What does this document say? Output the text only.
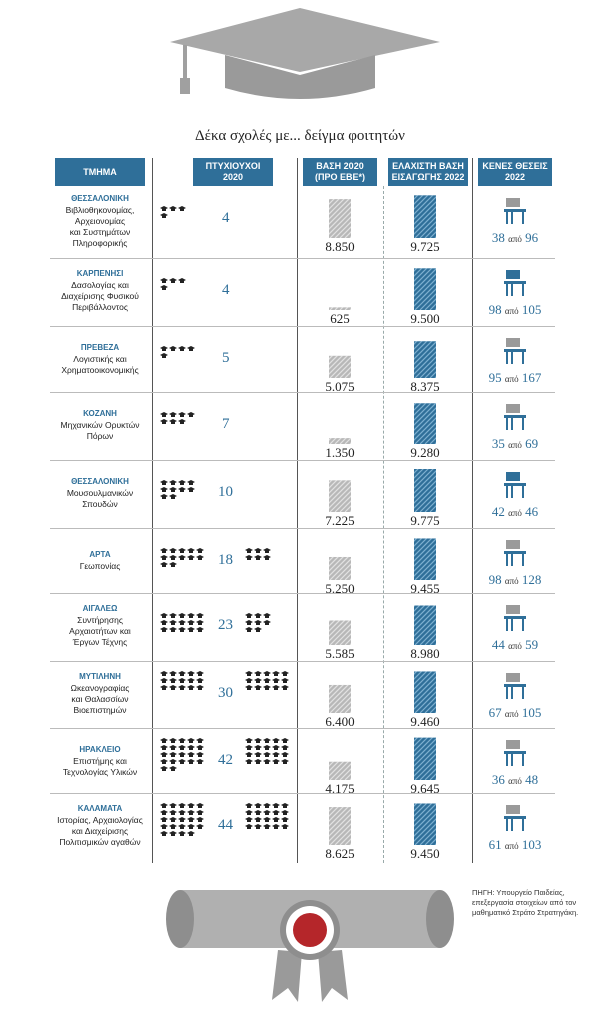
Δέκα σχολές με... δείγμα φοιτητών
ΤΜΗΜΑ
ΠΤΥΧΙΟΥΧΟΙ
2020
ΒΑΣΗ 2020
(ΠΡΟ ΕΒΕ*)
ΕΛΑΧΙΣΤΗ ΒΑΣΗ
ΕΙΣΑΓΩΓΗΣ 2022
ΚΕΝΕΣ ΘΕΣΕΙΣ
2022
ΘΕΣΣΑΛΟΝΙΚΗ
Βιβλιοθηκονομίας,
Αρχειονομίας
και Συστημάτων
Πληροφορικής
4
8.850	9.725
38 από 96
ΚΑΡΠΕΝΗΣΙ
Δασολογίας και
Διαχείρισης Φυσικού
Περιβάλλοντος
4
625	9.500
98 από 105
ΠΡΕΒΕΖΑ
Λογιστικής και
Χρηματοοικονομικής
5
5.075	8.375
95 από 167
ΚΟΖΑΝΗ
Μηχανικών Ορυκτών
Πόρων
7
1.350	9.280
35 από 69
ΘΕΣΣΑΛΟΝΙΚΗ
Μουσουλμανικών
Σπουδών
10
7.225	9.775
42 από 46
ΑΡΤΑ
Γεωπονίας	18
5.250	9.455
98 από 128
ΑΙΓΑΛΕΩ
Συντήρησης
Αρχαιοτήτων και
Έργων Τέχνης
23
5.585	8.980
44 από 59
ΜΥΤΙΛΗΝΗ
Ωκεανογραφίας
και Θαλασσίων
Βιοεπιστημών
30
6.400	9.460
67 από 105
ΗΡΑΚΛΕΙΟ
Επιστήμης και
Τεχνολογίας Υλικών
42
4.175	9.645
36 από 48
ΚΑΛΑΜΑΤΑ
Ιστορίας, Αρχαιολογίας
και Διαχείρισης
Πολιτισμικών αγαθών
44
8.625	9.450
61 από 103
ΠΗΓΗ: Υπουργείο Παιδείας, επεξεργασία στοιχείων από τον μαθηματικό Στράτο Στρατηγάκη.
